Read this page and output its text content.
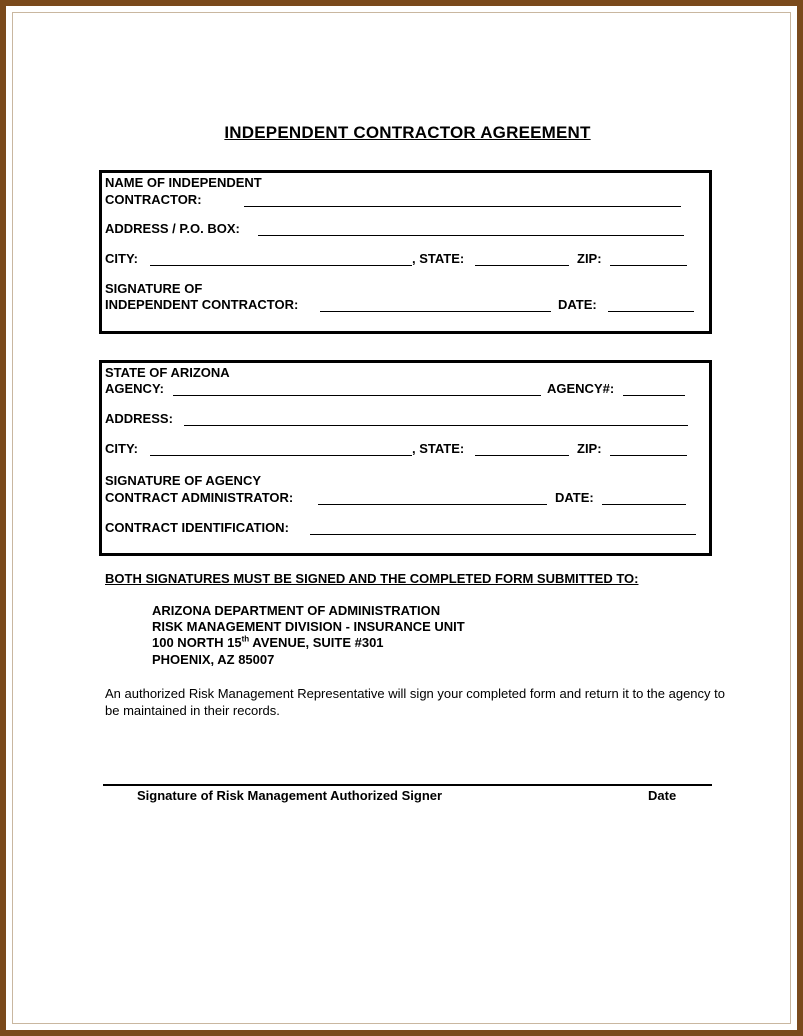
INDEPENDENT CONTRACTOR AGREEMENT
NAME OF INDEPENDENT
CONTRACTOR:
ADDRESS / P.O. BOX:
CITY:	, STATE:	ZIP:
SIGNATURE OF
INDEPENDENT CONTRACTOR:	DATE:
STATE OF ARIZONA
AGENCY:	AGENCY#:
ADDRESS:
CITY:	, STATE:	ZIP:
SIGNATURE OF AGENCY
CONTRACT ADMINISTRATOR:	DATE:
CONTRACT IDENTIFICATION:
BOTH SIGNATURES MUST BE SIGNED AND THE COMPLETED FORM SUBMITTED TO:
ARIZONA DEPARTMENT OF ADMINISTRATION
RISK MANAGEMENT DIVISION - INSURANCE UNIT
100 NORTH 15th AVENUE, SUITE #301
PHOENIX, AZ 85007
An authorized Risk Management Representative will sign your completed form and return it to the agency to be maintained in their records.
Signature of Risk Management Authorized Signer	Date
